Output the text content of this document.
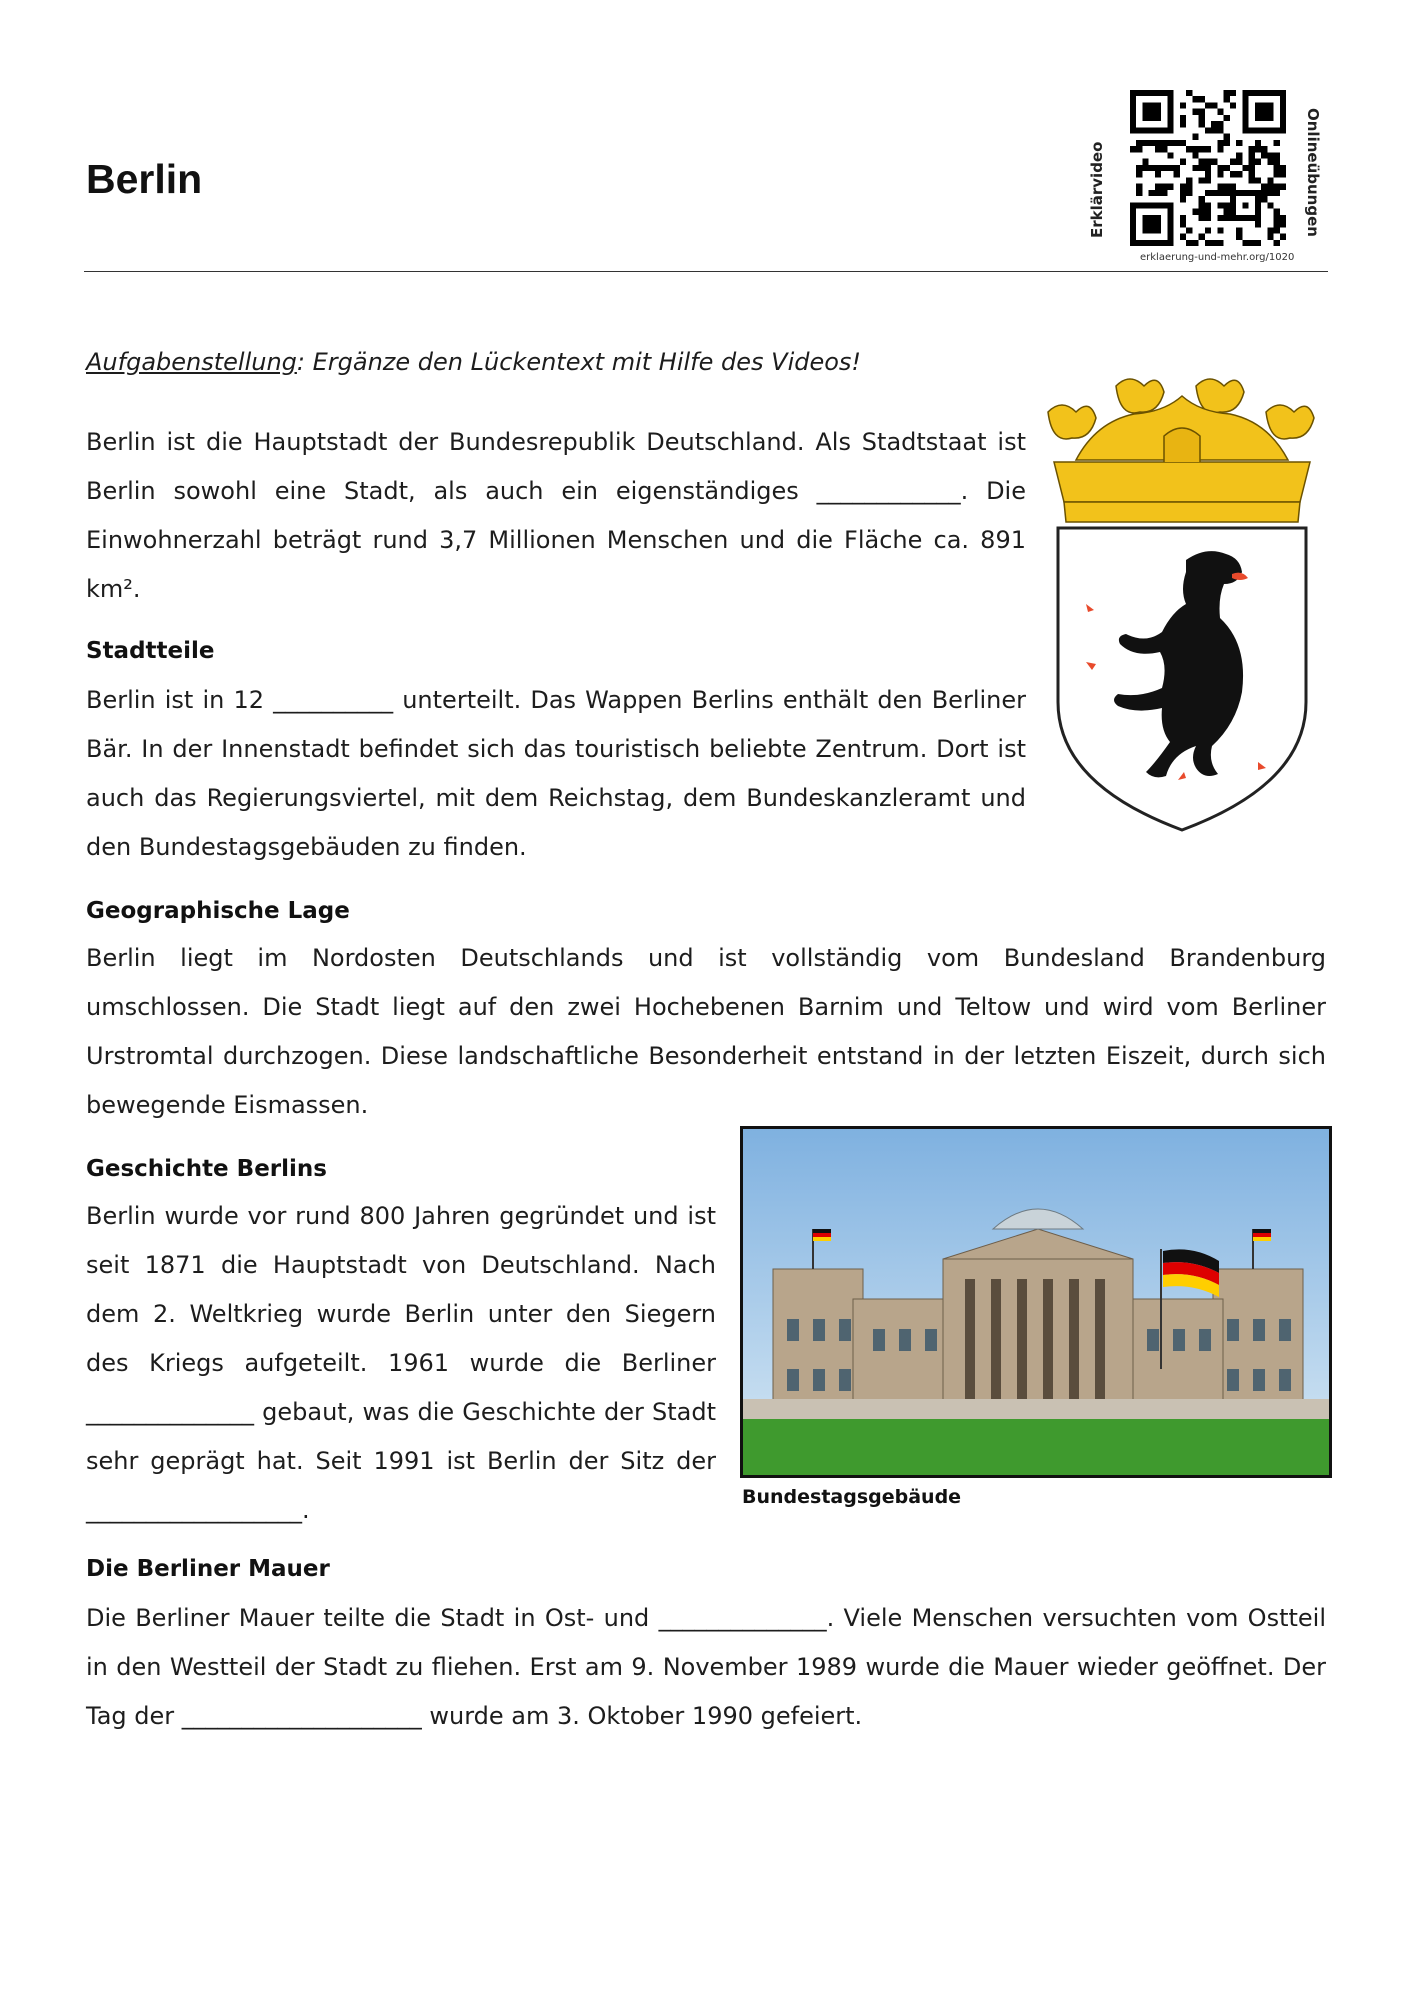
Berlin	Erklärvideo	Onlineübungen
erklaerung-und-mehr.org/1020
Aufgabenstellung: Ergänze den Lückentext mit Hilfe des Videos!
Berlin ist die Hauptstadt der Bundesrepublik Deutschland. Als Stadtstaat ist Berlin sowohl eine Stadt, als auch ein eigenständiges ____________. Die Einwohnerzahl beträgt rund 3,7 Millionen Menschen und die Fläche ca. 891 km².
Stadtteile
Berlin ist in 12 __________ unterteilt. Das Wappen Berlins enthält den Berliner Bär. In der Innenstadt befindet sich das touristisch beliebte Zentrum. Dort ist auch das Regierungsviertel, mit dem Reichstag, dem Bundeskanzleramt und den Bundestagsgebäuden zu finden.
Geographische Lage
Berlin liegt im Nordosten Deutschlands und ist vollständig vom Bundesland Brandenburg umschlossen. Die Stadt liegt auf den zwei Hochebenen Barnim und Teltow und wird vom Berliner Urstromtal durchzogen. Diese landschaftliche Besonderheit entstand in der letzten Eiszeit, durch sich bewegende Eismassen.
Geschichte Berlins
Berlin wurde vor rund 800 Jahren gegründet und ist seit 1871 die Hauptstadt von Deutschland. Nach dem 2. Weltkrieg wurde Berlin unter den Siegern des Kriegs aufgeteilt. 1961 wurde die Berliner ______________ gebaut, was die Geschichte der Stadt sehr geprägt hat. Seit 1991 ist Berlin der Sitz der __________________.	Bundestagsgebäude
Die Berliner Mauer
Die Berliner Mauer teilte die Stadt in Ost- und ______________. Viele Menschen versuchten vom Ostteil in den Westteil der Stadt zu fliehen. Erst am 9. November 1989 wurde die Mauer wieder geöffnet. Der Tag der ____________________ wurde am 3. Oktober 1990 gefeiert.
